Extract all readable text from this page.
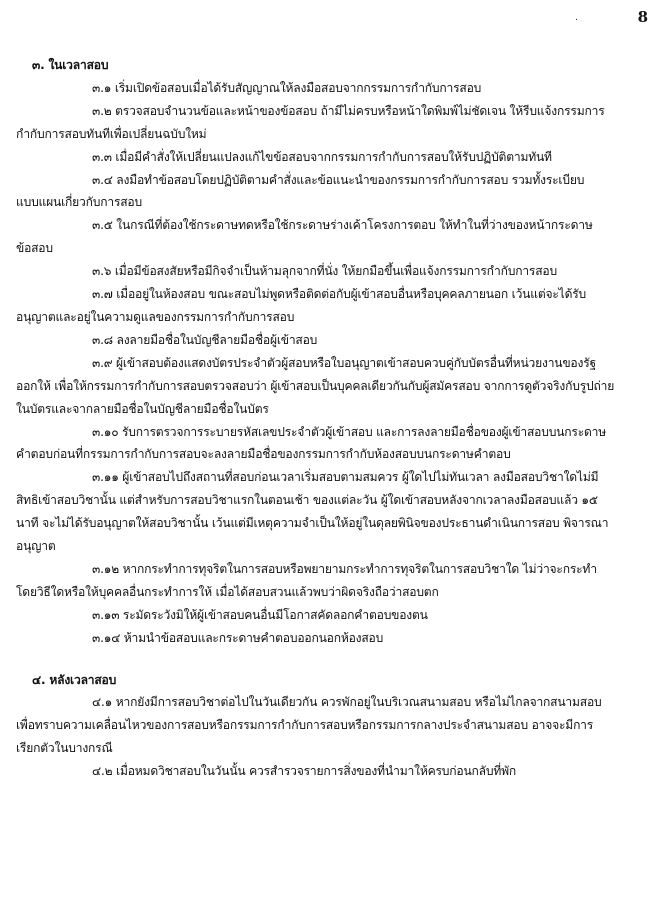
.	8
๓. ในเวลาสอบ
๓.๑ เริ่มเปิดข้อสอบเมื่อได้รับสัญญาณให้ลงมือสอบจากกรรมการกำกับการสอบ
๓.๒ ตรวจสอบจำนวนข้อและหน้าของข้อสอบ ถ้ามีไม่ครบหรือหน้าใดพิมพ์ไม่ชัดเจน ให้รีบแจ้งกรรมการกำกับการสอบทันทีเพื่อเปลี่ยนฉบับใหม่
๓.๓ เมื่อมีคำสั่งให้เปลี่ยนแปลงแก้ไขข้อสอบจากกรรมการกำกับการสอบให้รับปฏิบัติตามทันที
๓.๔ ลงมือทำข้อสอบโดยปฏิบัติตามคำสั่งและข้อแนะนำของกรรมการกำกับการสอบ รวมทั้งระเบียบแบบแผนเกี่ยวกับการสอบ
๓.๕ ในกรณีที่ต้องใช้กระดาษทดหรือใช้กระดาษร่างเค้าโครงการตอบ ให้ทำในที่ว่างของหน้ากระดาษข้อสอบ
๓.๖ เมื่อมีข้อสงสัยหรือมีกิจจำเป็นห้ามลุกจากที่นั่ง ให้ยกมือขึ้นเพื่อแจ้งกรรมการกำกับการสอบ
๓.๗ เมื่ออยู่ในห้องสอบ ขณะสอบไม่พูดหรือติดต่อกับผู้เข้าสอบอื่นหรือบุคคลภายนอก เว้นแต่จะได้รับอนุญาตและอยู่ในความดูแลของกรรมการกำกับการสอบ
๓.๘ ลงลายมือชื่อในบัญชีลายมือชื่อผู้เข้าสอบ
๓.๙ ผู้เข้าสอบต้องแสดงบัตรประจำตัวผู้สอบหรือใบอนุญาตเข้าสอบควบคู่กับบัตรอื่นที่หน่วยงานของรัฐออกให้ เพื่อให้กรรมการกำกับการสอบตรวจสอบว่า ผู้เข้าสอบเป็นบุคคลเดียวกันกับผู้สมัครสอบ จากการดูตัวจริงกับรูปถ่ายในบัตรและจากลายมือชื่อในบัญชีลายมือชื่อในบัตร
๓.๑๐ รับการตรวจการระบายรหัสเลขประจำตัวผู้เข้าสอบ และการลงลายมือชื่อของผู้เข้าสอบบนกระดาษคำตอบก่อนที่กรรมการกำกับการสอบจะลงลายมือชื่อของกรรมการกำกับห้องสอบบนกระดาษคำตอบ
๓.๑๑ ผู้เข้าสอบไปถึงสถานที่สอบก่อนเวลาเริ่มสอบตามสมควร ผู้ใดไปไม่ทันเวลา ลงมือสอบวิชาใดไม่มีสิทธิเข้าสอบวิชานั้น แต่สำหรับการสอบวิชาแรกในตอนเช้า ของแต่ละวัน ผู้ใดเข้าสอบหลังจากเวลาลงมือสอบแล้ว ๑๕ นาที จะไม่ได้รับอนุญาตให้สอบวิชานั้น เว้นแต่มีเหตุความจำเป็นให้อยู่ในดุลยพินิจของประธานดำเนินการสอบ พิจารณาอนุญาต
๓.๑๒ หากกระทำการทุจริตในการสอบหรือพยายามกระทำการทุจริตในการสอบวิชาใด ไม่ว่าจะกระทำโดยวิธีใดหรือให้บุคคลอื่นกระทำการให้ เมื่อได้สอบสวนแล้วพบว่าผิดจริงถือว่าสอบตก
๓.๑๓ ระมัดระวังมิให้ผู้เข้าสอบคนอื่นมีโอกาสคัดลอกคำตอบของตน
๓.๑๔ ห้ามนำข้อสอบและกระดาษคำตอบออกนอกห้องสอบ
๔. หลังเวลาสอบ
๔.๑ หากยังมีการสอบวิชาต่อไปในวันเดียวกัน ควรพักอยู่ในบริเวณสนามสอบ หรือไม่ไกลจากสนามสอบเพื่อทราบความเคลื่อนไหวของการสอบหรือกรรมการกำกับการสอบหรือกรรมการกลางประจำสนามสอบ อาจจะมีการเรียกตัวในบางกรณี
๔.๒ เมื่อหมดวิชาสอบในวันนั้น ควรสำรวจรายการสิ่งของที่นำมาให้ครบก่อนกลับที่พัก
